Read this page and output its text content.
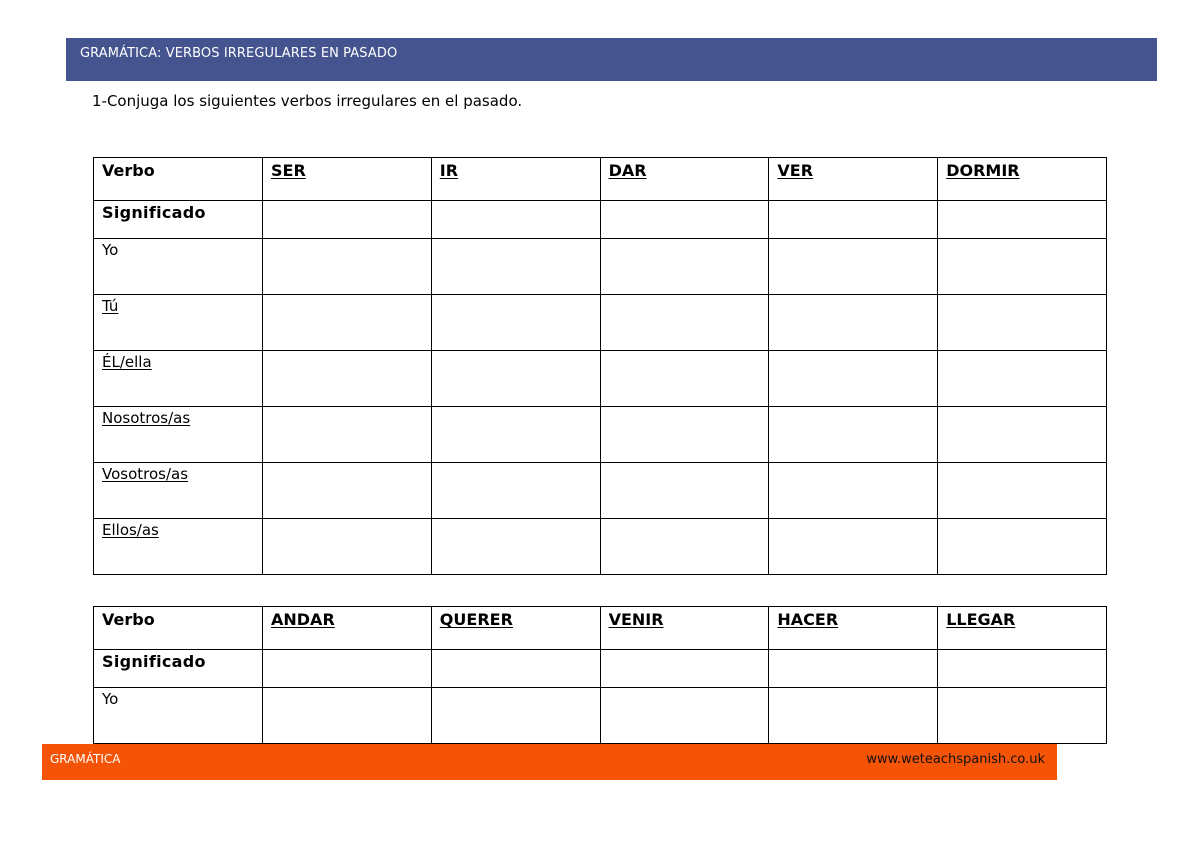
GRAMÁTICA: VERBOS IRREGULARES EN PASADO
1-Conjuga los siguientes verbos irregulares en el pasado.
Verbo	SER	IR	DAR	VER	DORMIR
Significado					
Yo					
Tú					
ÉL/ella					
Nosotros/as					
Vosotros/as					
Ellos/as					
Verbo	ANDAR	QUERER	VENIR	HACER	LLEGAR
Significado					
Yo					
GRAMÁTICA	www.weteachspanish.co.uk
